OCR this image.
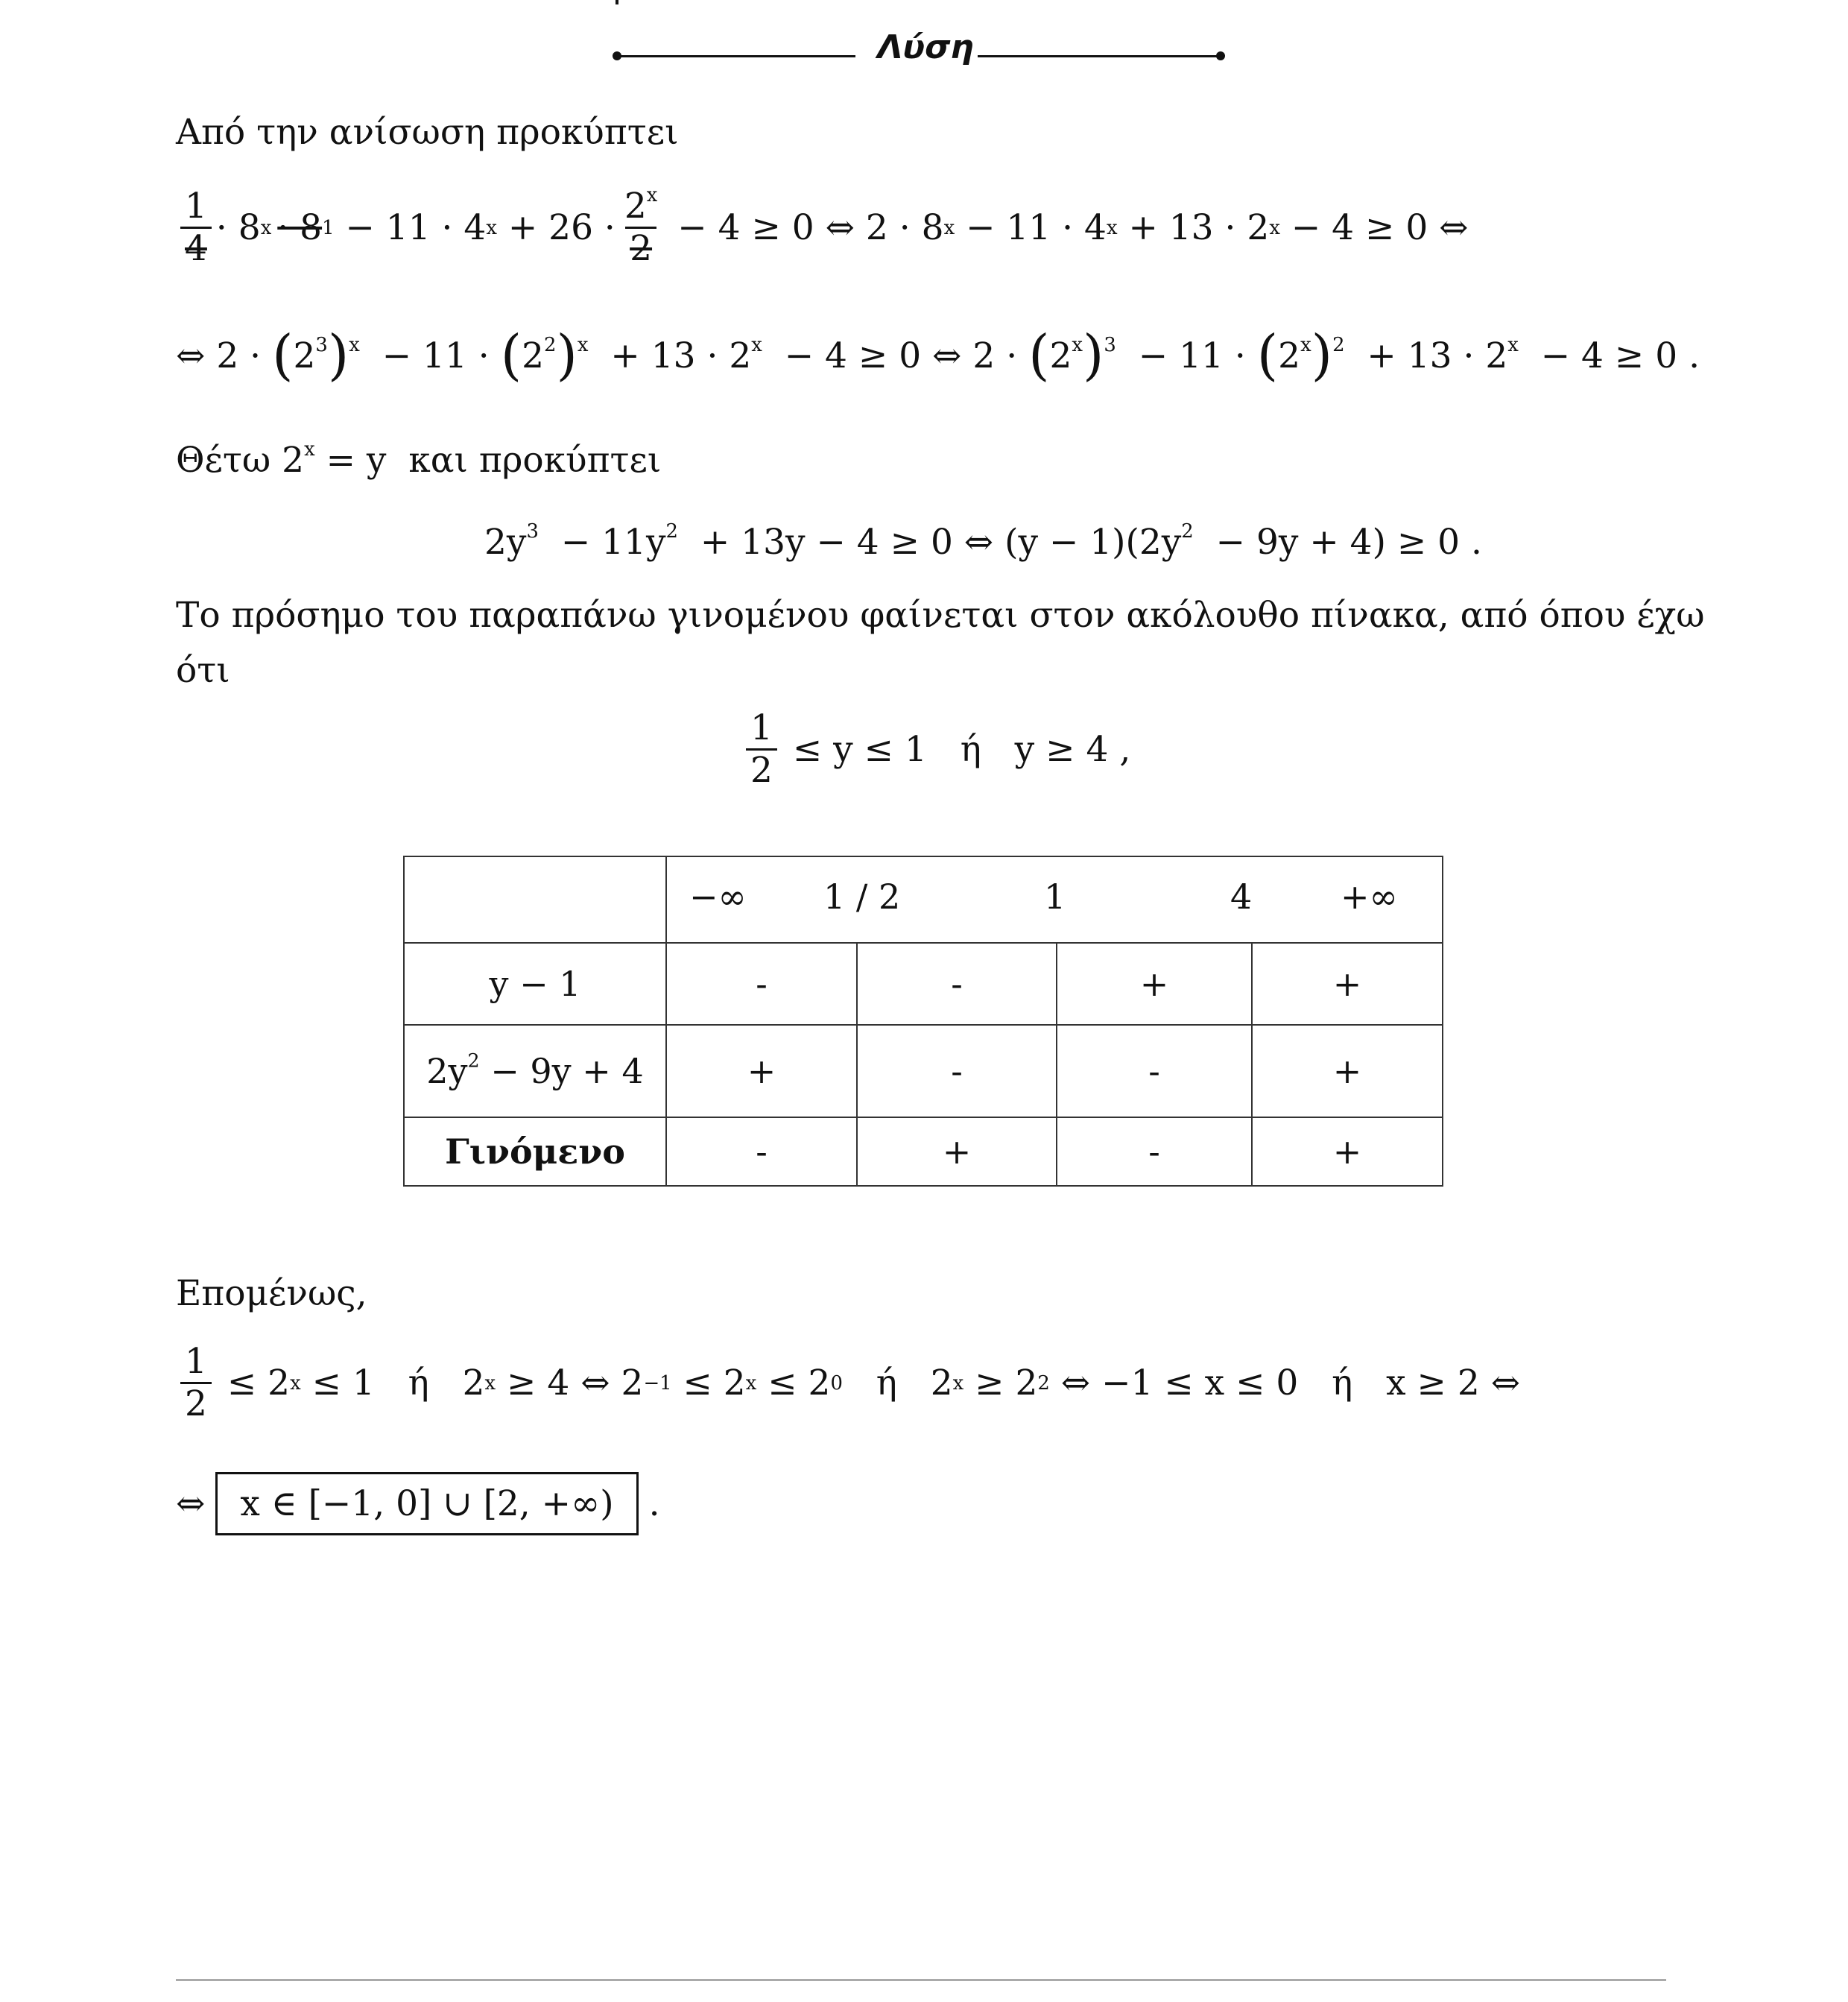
Λύση
Από την ανίσωση προκύπτει
$\frac{1}{4} \cdot 8$ x · 8 1 − 11 · 4 $x + 26 \cdot \frac{2^x}{2} - 4 \ge 0$ ⇔ 2 · 8 x − 11 · 4 x + 13 · 2 x − 4 ≥ 0 ⇔
⇔ $2 \cdot (2^3)^x - 11 \cdot (2^2)^x + 13 \cdot 2^x - 4 \ge 0$ ⇔ $2 \cdot (2^x)^3 - 11 \cdot (2^x)^2 + 13 \cdot 2^x - 4 \ge 0$ .
Θέτω $2^x = y$  και προκύπτει
$2y^3 - 11y^2 + 13y - 4 \ge 0$ ⇔ $(y - 1)(2y^2 - 9y + 4) \ge 0$ .
Το πρόσημο του παραπάνω γινομένου φαίνεται στον ακόλουθο πίνακα, από όπου έχω
ότι
$\frac{1}{2} \le y \le 1$   ή   y ≥ 4 ,

	−∞ 1 / 2 1 4 +∞			

y − 1	-	-	+	+
$2y^2 - 9y + 4$	+	-	-	+
Γινόμενο	-	+	-	+
Επομένως,
$\frac{1}{2} \le 2$ x ≤ 1   ή   2 x ≥ 4 ⇔ 2 −1 ≤ 2 x ≤ 2 0 ή   2 x ≥ 2 2 ⇔ −1 ≤ x ≤ 0   ή   x ≥ 2 ⇔
⇔	x ∈ [−1, 0] ∪ [2, +∞)	.
